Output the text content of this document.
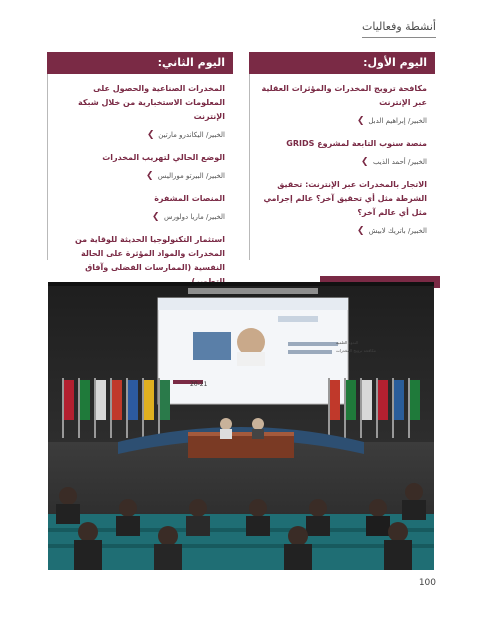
أنشطة وفعاليات
اليوم الأول:
مكافحة ترويج المخدرات والمؤثرات العقلية عبر الإنترنت
الخبير/ إبراهيم الدبل
❮
منصة سنوب التابعة لمشروع GRIDS
الخبير/ أحمد الذيب
❮
الاتجار بالمخدرات عبر الإنترنت: تحقيق الشرطة مثل أي تحقيق آخر؟ عالم إجرامي مثل أي عالم آخر؟
الخبير/ باتريك لابيش
❮
اليوم الثاني:
المخدرات الصناعية والحصول على المعلومات الاستخبارية من خلال شبكة الإنترنت
الخبير/ اليكاندرو مارتين
❮
الوضع الحالي لتهريب المخدرات
الخبير/ البيرتو موراليس
❮
المنصات المشفرة
الخبير/ ماريا دولورس
❮
استثمار التكنولوجيا الحديثة للوقاية من المخدرات والمواد المؤثرة على الحالة النفسية (الممارسات الفضلى وآفاق
20-21
الندوة العلمية
مكافحة ترويج المخدرات
100
